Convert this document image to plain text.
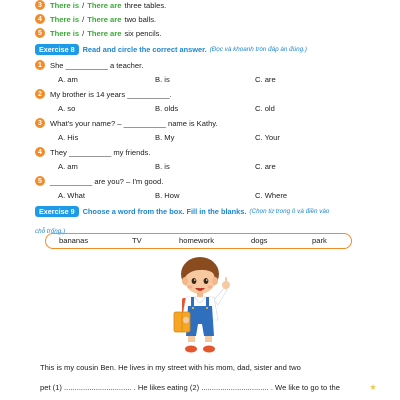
3	There is / There are three tables.
4	There is / There are two balls.
5	There is / There are six pencils.
Exercise 8	Read and circle the correct answer. (Đọc và khoanh tròn đáp án đúng.)
1	She __________ a teacher.
A. am	B. is	C. are
2	My brother is 14 years __________.
A. so	B. olds	C. old
3	What's your name? – __________ name is Kathy.
A. His	B. My	C. Your
4	They __________ my friends.
A. am	B. is	C. are
5	__________ are you? – I'm good.
A. What	B. How	C. Where
Exercise 9	Choose a word from the box. Fill in the blanks. (Chọn từ trong ô và điền vào
chỗ trống.)
bananas	TV	homework	dogs	park
This is my cousin Ben. He lives in my street with his mom, dad, sister and two
pet (1) ................................ . He likes eating (2) ................................ . We like to go to the
